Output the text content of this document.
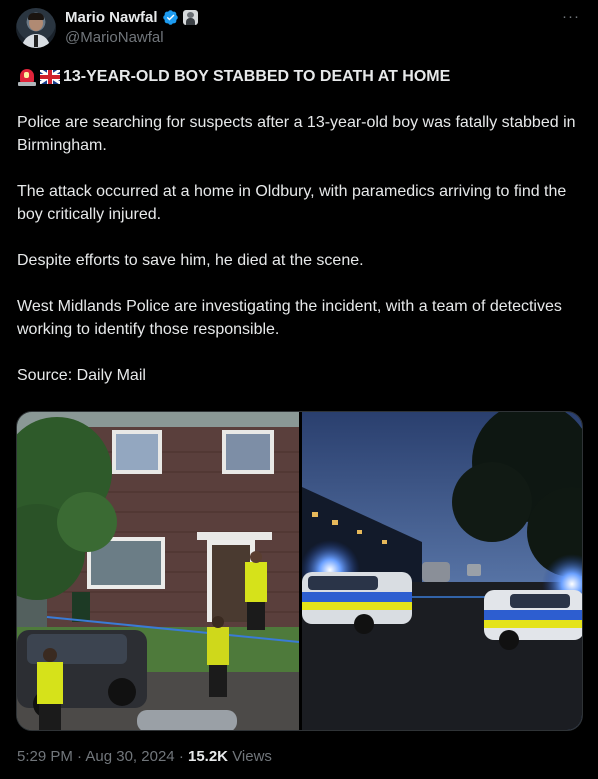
Mario Nawfal
@MarioNawfal
···

13-YEAR-OLD BOY STABBED TO DEATH AT HOME

Police are searching for suspects after a 13-year-old boy was fatally stabbed in Birmingham.

The attack occurred at a home in Oldbury, with paramedics arriving to find the boy critically injured.

Despite efforts to save him, he died at the scene.

West Midlands Police are investigating the incident, with a team of detectives working to identify those responsible.

Source: Daily Mail

5:29 PM · Aug 30, 2024 · 15.2K Views
